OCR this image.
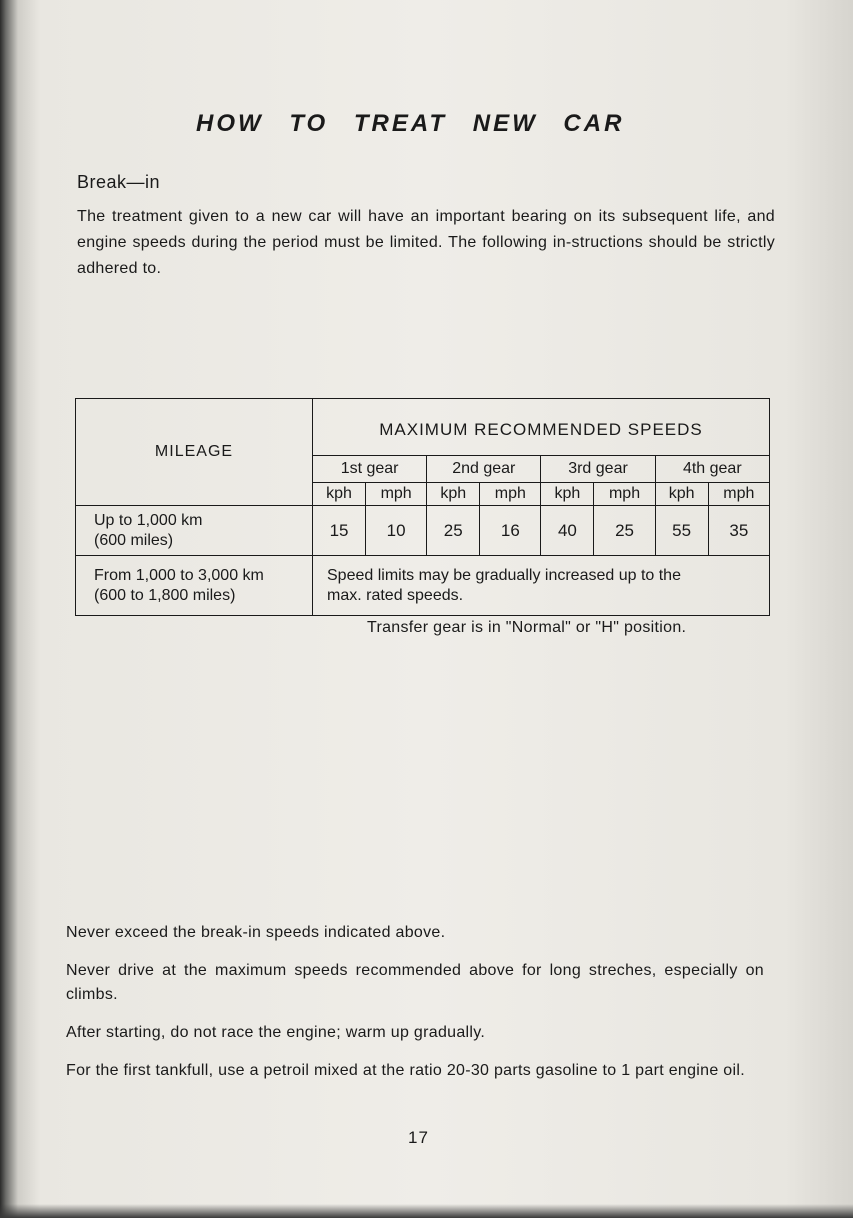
HOW TO TREAT NEW CAR
Break—in
The treatment given to a new car will have an important bearing on its subsequent life, and engine speeds during the period must be limited. The following in-structions should be strictly adhered to.
MILEAGE	MAXIMUM RECOMMENDED SPEEDS							
	1st gear		2nd gear		3rd gear		4th gear	
	kph	mph	kph	mph	kph	mph	kph	mph
Up to 1,000 km
(600 miles)	15	10	25	16	40	25	55	35
From 1,000 to 3,000 km
(600 to 1,800 miles)	Speed limits may be gradually increased up to the
max. rated speeds.							
Transfer gear is in "Normal" or "H" position.

Never exceed the break-in speeds indicated above.

Never drive at the maximum speeds recommended above for long streches, especially on climbs.

After starting, do not race the engine; warm up gradually.

For the first tankfull, use a petroil mixed at the ratio 20-30 parts gasoline to 1 part engine oil.

17
